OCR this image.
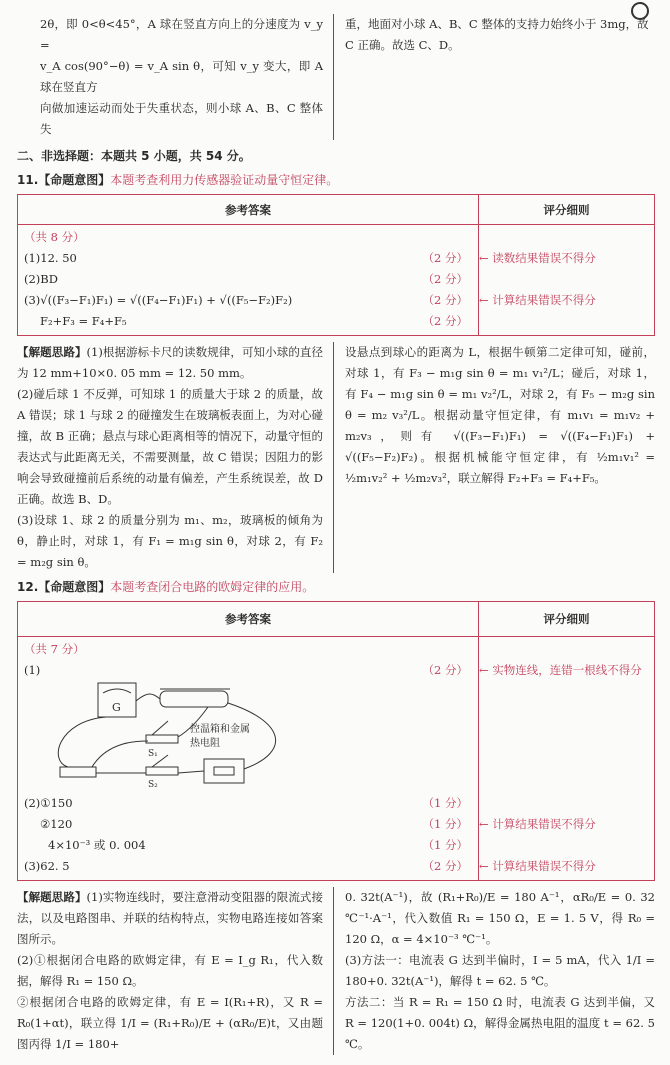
2θ，即 0<θ<45°，A 球在竖直方向上的分速度为 v_y =
v_A cos(90°−θ) = v_A sin θ，可知 v_y 变大，即 A 球在竖直方
向做加速运动而处于失重状态，则小球 A、B、C 整体失
重，地面对小球 A、B、C 整体的支持力始终小于 3mg，故
C 正确。故选 C、D。
二、非选择题：本题共 5 小题，共 54 分。
11.【命题意图】本题考查利用力传感器验证动量守恒定律。
参考答案	评分细则

（共 8 分）	

(1)12. 50 （2 分）	← 读数结果错误不得分

(2)BD （2 分）	

(3)√((F₃−F₁)F₁) = √((F₄−F₁)F₁) + √((F₅−F₂)F₂) （2 分）	← 计算结果错误不得分

F₂+F₃ = F₄+F₅ （2 分）	

【解题思路】(1)根据游标卡尺的读数规律，可知小球的直径为 12 mm+10×0. 05 mm = 12. 50 mm。
(2)碰后球 1 不反弹，可知球 1 的质量大于球 2 的质量，故 A 错误；球 1 与球 2 的碰撞发生在玻璃板表面上，为对心碰撞，故 B 正确；悬点与球心距离相等的情况下，动量守恒的表达式与此距离无关，不需要测量，故 C 错误；因阻力的影响会导致碰撞前后系统的动量有偏差，产生系统误差，故 D 正确。故选 B、D。
(3)设球 1、球 2 的质量分别为 m₁、m₂，玻璃板的倾角为 θ，静止时，对球 1，有 F₁ = m₁g sin θ，对球 2，有 F₂ = m₂g sin θ。
设悬点到球心的距离为 L，根据牛顿第二定律可知，碰前，对球 1，有 F₃ − m₁g sin θ = m₁ v₁²/L；碰后，对球 1，有 F₄ − m₁g sin θ = m₁ v₂²/L，对球 2，有 F₅ − m₂g sin θ = m₂ v₃²/L。根据动量守恒定律，有 m₁v₁ = m₁v₂ + m₂v₃，则有 √((F₃−F₁)F₁) = √((F₄−F₁)F₁) + √((F₅−F₂)F₂)。根据机械能守恒定律，有 ½m₁v₁² = ½m₁v₂² + ½m₂v₃²，联立解得 F₂+F₃ = F₄+F₅。
12.【命题意图】本题考查闭合电路的欧姆定律的应用。
参考答案	评分细则

（共 7 分）	

(1) （2 分）	← 实物连线，连错一根线不得分

G
S₁
S₂
控温箱和金属热电阻	

(2)①150 （1 分）	

②120 （1 分）	← 计算结果错误不得分

4×10⁻³ 或 0. 004 （1 分）	

(3)62. 5 （2 分）	← 计算结果错误不得分
【解题思路】(1)实物连线时，要注意滑动变阻器的限流式接法，以及电路图串、并联的结构特点，实物电路连接如答案图所示。
(2)①根据闭合电路的欧姆定律，有 E = I_g R₁，代入数据，解得 R₁ = 150 Ω。
②根据闭合电路的欧姆定律，有 E = I(R₁+R)，又 R = R₀(1+αt)，联立得 1/I = (R₁+R₀)/E + (αR₀/E)t，又由题图丙得 1/I = 180+
0. 32t(A⁻¹)，故 (R₁+R₀)/E = 180 A⁻¹，αR₀/E = 0. 32 ℃⁻¹·A⁻¹，代入数值 R₁ = 150 Ω，E = 1. 5 V，得 R₀ = 120 Ω，α = 4×10⁻³ ℃⁻¹。
(3)方法一：电流表 G 达到半偏时，I = 5 mA，代入 1/I = 180+0. 32t(A⁻¹)，解得 t = 62. 5 ℃。
方法二：当 R = R₁ = 150 Ω 时，电流表 G 达到半偏，又 R = 120(1+0. 004t) Ω，解得金属热电阻的温度 t = 62. 5 ℃。
